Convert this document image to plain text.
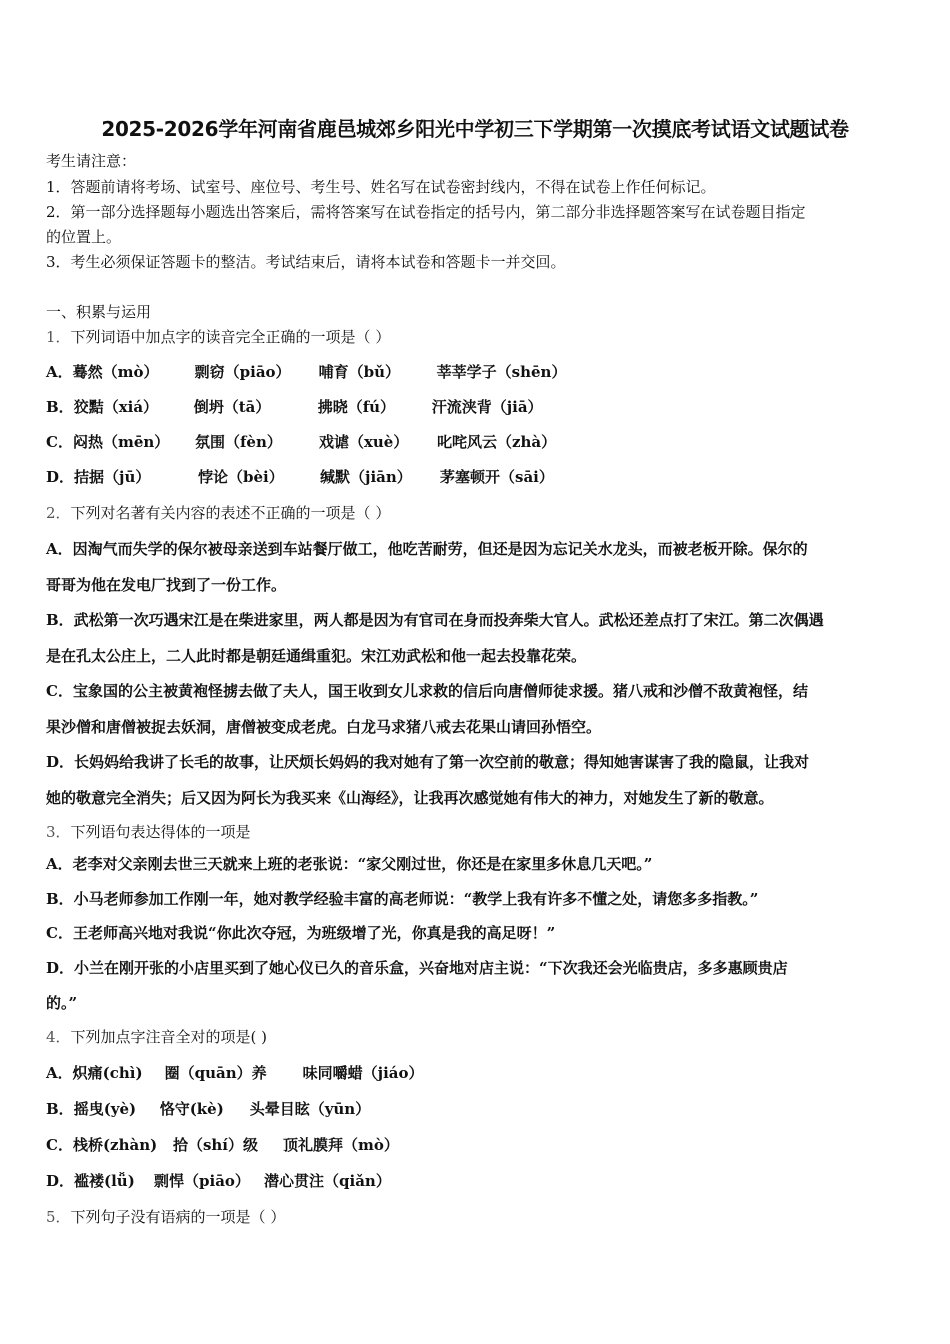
2025-2026学年河南省鹿邑城郊乡阳光中学初三下学期第一次摸底考试语文试题试卷
考生请注意：
1．答题前请将考场、试室号、座位号、考生号、姓名写在试卷密封线内，不得在试卷上作任何标记。
2．第一部分选择题每小题选出答案后，需将答案写在试卷指定的括号内，第二部分非选择题答案写在试卷题目指定
的位置上。
3．考生必须保证答题卡的整洁。考试结束后，请将本试卷和答题卡一并交回。
一、积累与运用
1．下列词语中加点字的读音完全正确的一项是（ ）
A．蓦然（mò） 剽窃（piāo） 哺育（bǔ） 莘莘学子（shēn）
B．狡黠（xiá） 倒坍（tā）	拂晓（fú） 汗流浃背（jiā）
C．闷热（mēn） 氛围（fèn） 戏谑（xuè） 叱咤风云（zhà）
D．拮据（jū）	悖论（bèi） 缄默（jiān） 茅塞顿开（sāi）
2．下列对名著有关内容的表述不正确的一项是（ ）
A．因淘气而失学的保尔被母亲送到车站餐厅做工，他吃苦耐劳，但还是因为忘记关水龙头，而被老板开除。保尔的
哥哥为他在发电厂找到了一份工作。
B．武松第一次巧遇宋江是在柴进家里，两人都是因为有官司在身而投奔柴大官人。武松还差点打了宋江。第二次偶遇
是在孔太公庄上，二人此时都是朝廷通缉重犯。宋江劝武松和他一起去投靠花荣。
C．宝象国的公主被黄袍怪掳去做了夫人，国王收到女儿求救的信后向唐僧师徒求援。猪八戒和沙僧不敌黄袍怪，结
果沙僧和唐僧被捉去妖洞，唐僧被变成老虎。白龙马求猪八戒去花果山请回孙悟空。
D．长妈妈给我讲了长毛的故事，让厌烦长妈妈的我对她有了第一次空前的敬意；得知她害谋害了我的隐鼠，让我对
她的敬意完全消失；后又因为阿长为我买来《山海经》，让我再次感觉她有伟大的神力，对她发生了新的敬意。
3．下列语句表达得体的一项是
A．老李对父亲刚去世三天就来上班的老张说：“家父刚过世，你还是在家里多休息几天吧。”
B．小马老师参加工作刚一年，她对教学经验丰富的高老师说：“教学上我有许多不懂之处，请您多多指教。”
C．王老师高兴地对我说“你此次夺冠，为班级增了光，你真是我的高足呀！”
D．小兰在刚开张的小店里买到了她心仪已久的音乐盒，兴奋地对店主说：“下次我还会光临贵店，多多惠顾贵店
的。”
4．下列加点字注音全对的项是( )
A．炽痛(chì) 圈（quān）养 味同嚼蜡（jiáo）
B．摇曳(yè) 恪守(kè) 头晕目眩（yūn）
C．栈桥(zhàn) 拾（shí）级 顶礼膜拜（mò）
D．褴褛(lǚ) 剽悍（piāo） 潜心贯注（qiǎn）
5．下列句子没有语病的一项是（ ）
